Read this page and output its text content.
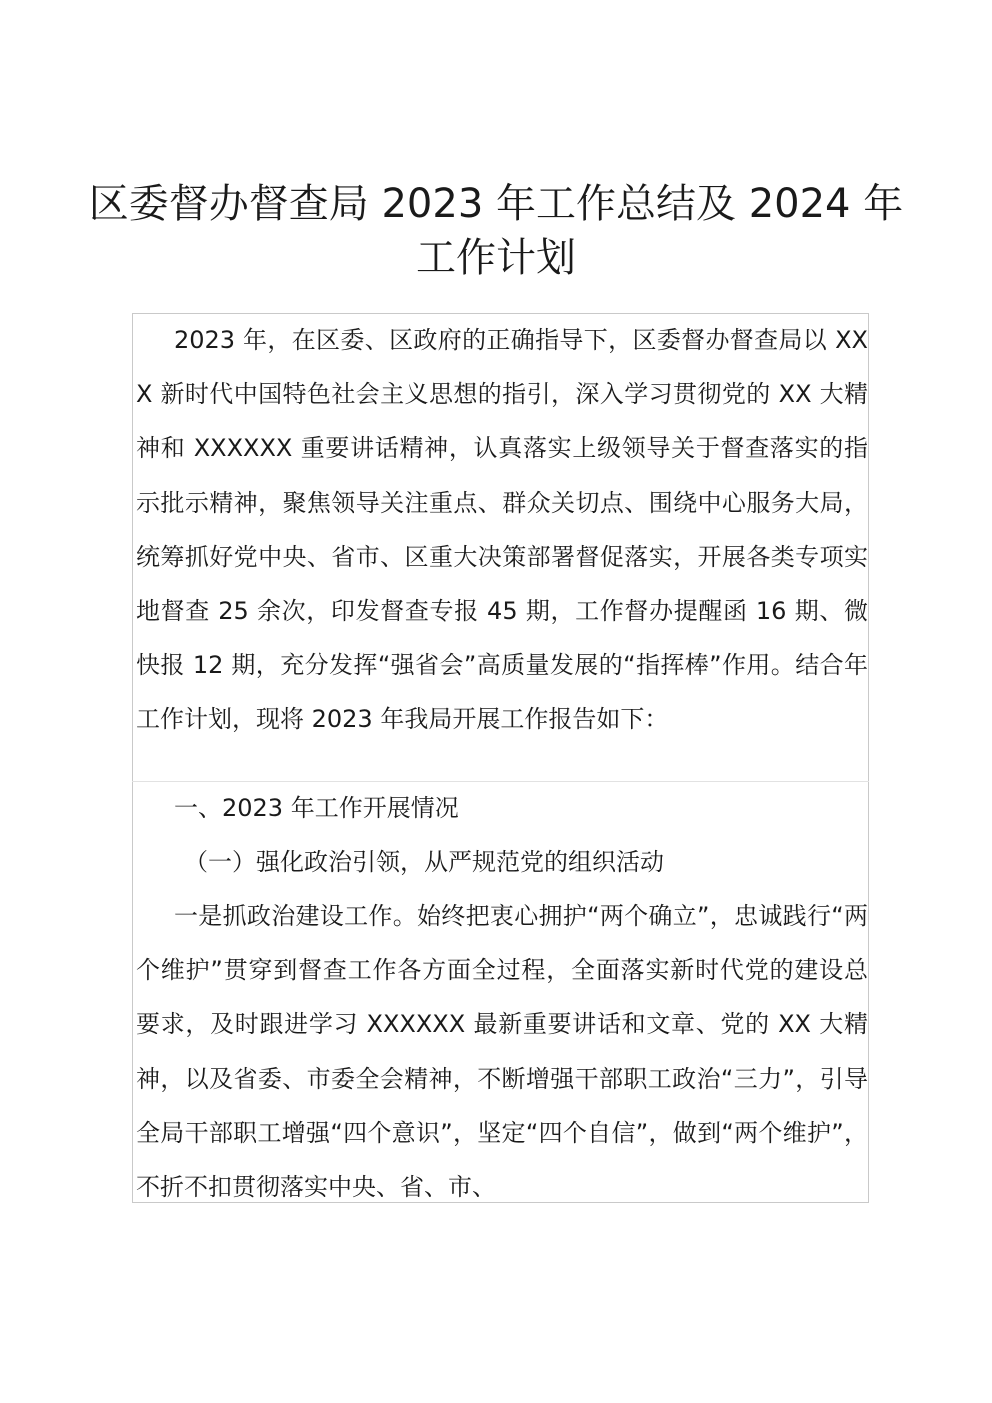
区委督办督查局 2023 年工作总结及 2024 年
工作计划

2023 年，在区委、区政府的正确指导下，区委督办督查局以 XXX 新时代中国特色社会主义思想的指引，深入学习贯彻党的 XX 大精神和 XXXXXX 重要讲话精神，认真落实上级领导关于督查落实的指示批示精神，聚焦领导关注重点、群众关切点、围绕中心服务大局，统筹抓好党中央、省市、区重大决策部署督促落实，开展各类专项实地督查 25 余次，印发督查专报 45 期，工作督办提醒函 16 期、微快报 12 期，充分发挥“强省会”高质量发展的“指挥棒”作用。结合年工作计划，现将 2023 年我局开展工作报告如下：

一、2023 年工作开展情况

（一）强化政治引领，从严规范党的组织活动

一是抓政治建设工作。始终把衷心拥护“两个确立”，忠诚践行“两个维护”贯穿到督查工作各方面全过程，全面落实新时代党的建设总要求，及时跟进学习 XXXXXX 最新重要讲话和文章、党的 XX 大精神，以及省委、市委全会精神，不断增强干部职工政治“三力”，引导全局干部职工增强“四个意识”，坚定“四个自信”，做到“两个维护”，不折不扣贯彻落实中央、省、市、
